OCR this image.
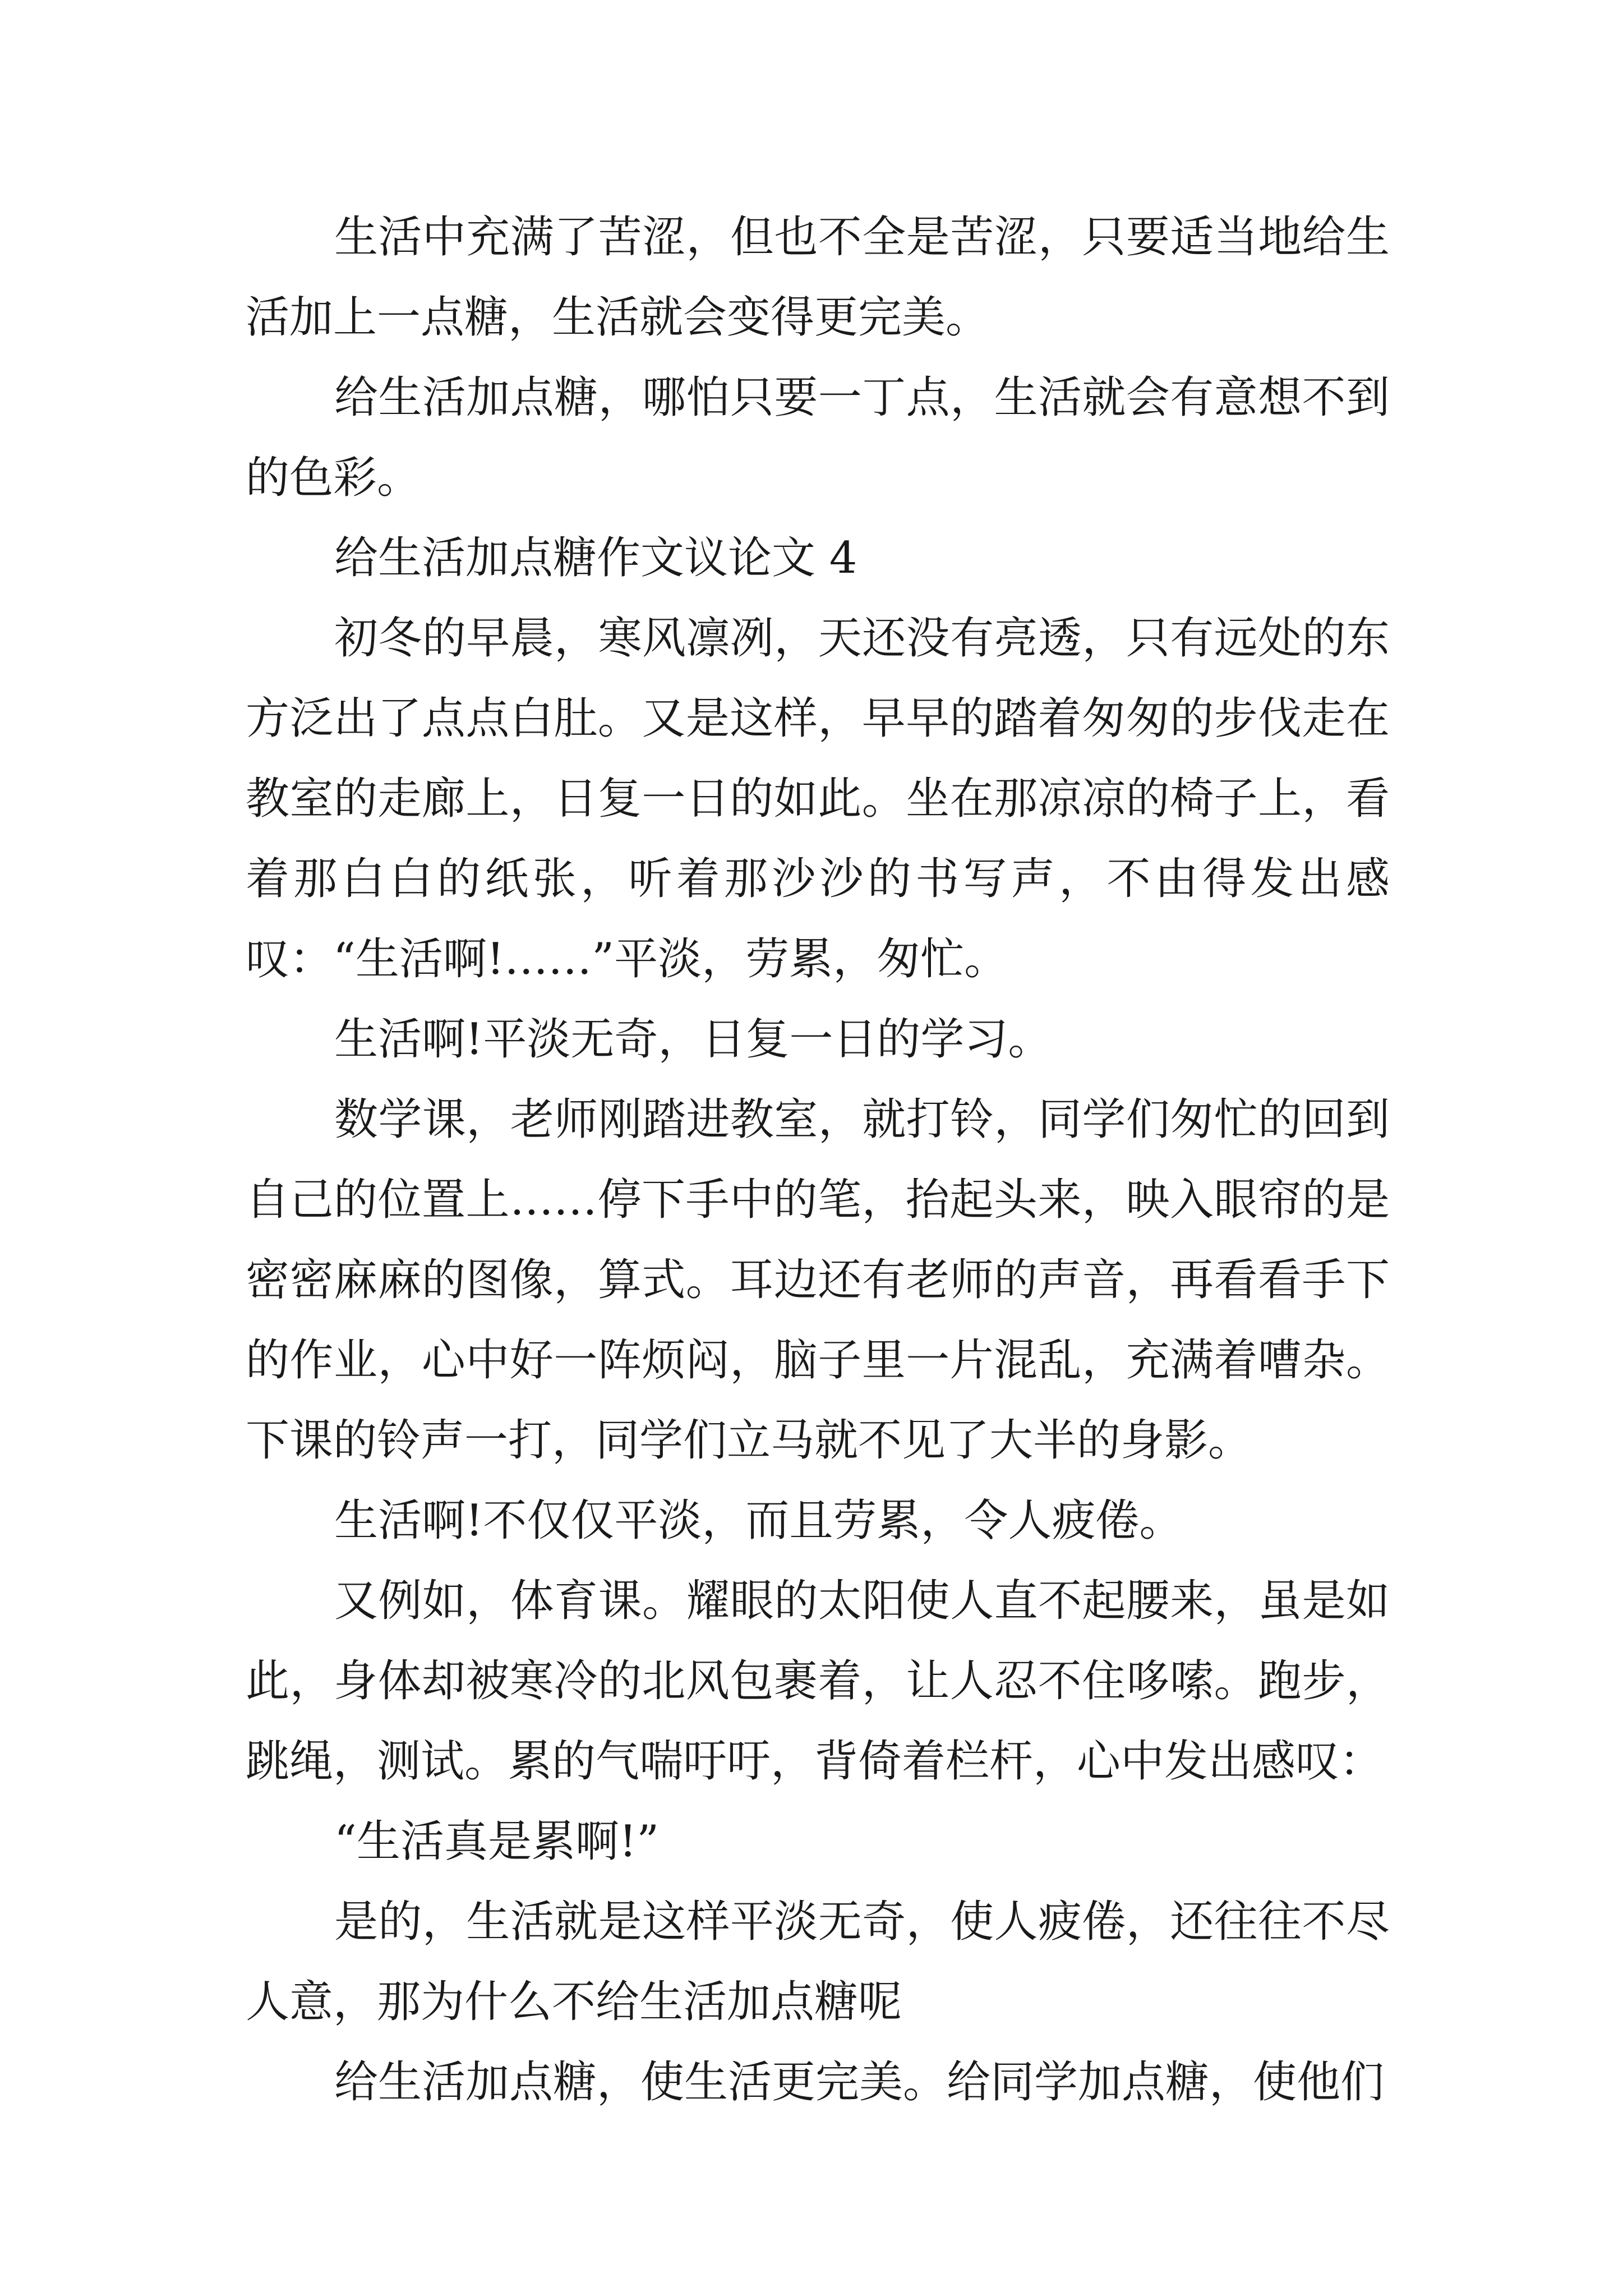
生活中充满了苦涩，但也不全是苦涩，只要适当地给生活加上一点糖，生活就会变得更完美。

给生活加点糖，哪怕只要一丁点，生活就会有意想不到的色彩。

给生活加点糖作文议论文 4

初冬的早晨，寒风凛冽，天还没有亮透，只有远处的东方泛出了点点白肚。又是这样，早早的踏着匆匆的步伐走在教室的走廊上，日复一日的如此。坐在那凉凉的椅子上，看着那白白的纸张，听着那沙沙的书写声，不由得发出感叹：“生活啊!……”平淡，劳累，匆忙。

生活啊!平淡无奇，日复一日的学习。

数学课，老师刚踏进教室，就打铃，同学们匆忙的回到自己的位置上……停下手中的笔，抬起头来，映入眼帘的是密密麻麻的图像，算式。耳边还有老师的声音，再看看手下的作业，心中好一阵烦闷，脑子里一片混乱，充满着嘈杂。下课的铃声一打，同学们立马就不见了大半的身影。

生活啊!不仅仅平淡，而且劳累，令人疲倦。

又例如，体育课。耀眼的太阳使人直不起腰来，虽是如此，身体却被寒冷的北风包裹着，让人忍不住哆嗦。跑步，跳绳，测试。累的气喘吁吁，背倚着栏杆，心中发出感叹：

“生活真是累啊!”

是的，生活就是这样平淡无奇，使人疲倦，还往往不尽人意，那为什么不给生活加点糖呢

给生活加点糖，使生活更完美。给同学加点糖，使他们
